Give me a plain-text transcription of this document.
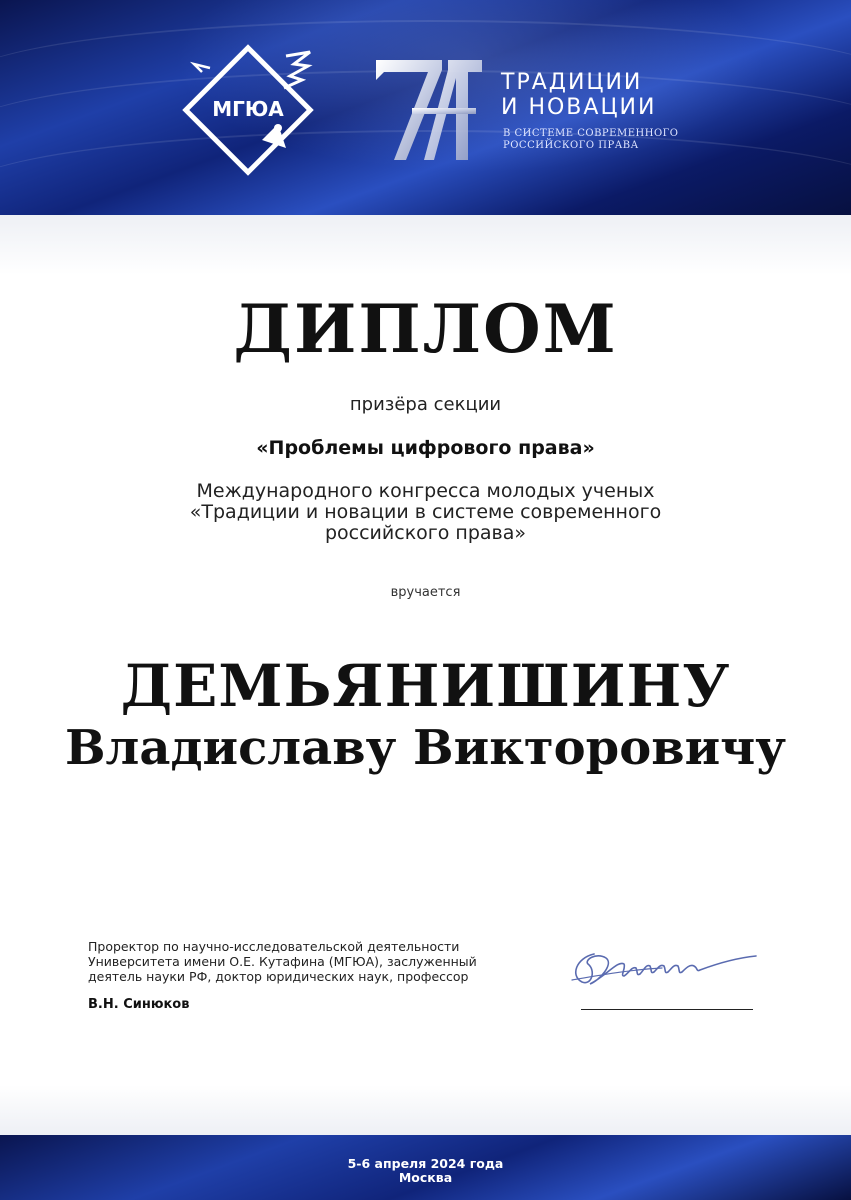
МГЮА
ТРАДИЦИИ
И НОВАЦИИ
В СИСТЕМЕ СОВРЕМЕННОГО
РОССИЙСКОГО ПРАВА
ДИПЛОМ
призёра секции
«Проблемы цифрового права»
Международного конгресса молодых ученых
«Традиции и новации в системе современного
российского права»
вручается
ДЕМЬЯНИШИНУ
Владиславу Викторовичу
Проректор по научно-исследовательской деятельности
Университета имени О.Е. Кутафина (МГЮА), заслуженный
деятель науки РФ, доктор юридических наук, профессор
В.Н. Синюков
5-6 апреля 2024 года
Москва
